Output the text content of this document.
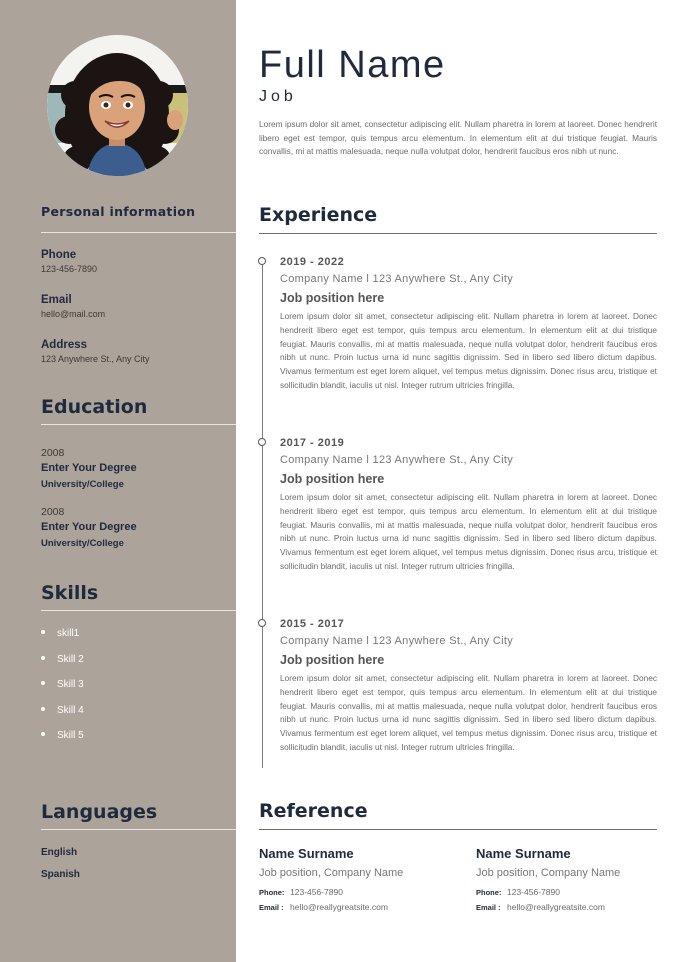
Personal information
Phone
123-456-7890
Email
hello@mail.com
Address
123 Anywhere St., Any City
Education
2008
Enter Your Degree
University/College
2008
Enter Your Degree
University/College
Skills
skill1
Skill 2
Skill 3
Skill 4
Skill 5
Languages
English
Spanish
Full Name
Job
Lorem ipsum dolor sit amet, consectetur adipiscing elit. Nullam pharetra in lorem at laoreet. Donec hendrerit libero eget est tempor, quis tempus arcu elementum. In elementum elit at dui tristique feugiat. Mauris convallis, mi at mattis malesuada, neque nulla volutpat dolor, hendrerit faucibus eros nibh ut nunc.
Experience
2019 - 2022
Company Name l 123 Anywhere St., Any City
Job position here
Lorem ipsum dolor sit amet, consectetur adipiscing elit. Nullam pharetra in lorem at laoreet. Donec hendrerit libero eget est tempor, quis tempus arcu elementum. In elementum elit at dui tristique feugiat. Mauris convallis, mi at mattis malesuada, neque nulla volutpat dolor, hendrerit faucibus eros nibh ut nunc. Proin luctus urna id nunc sagittis dignissim. Sed in libero sed libero dictum dapibus. Vivamus fermentum est eget lorem aliquet, vel tempus metus dignissim. Donec risus arcu, tristique et sollicitudin blandit, iaculis ut nisl. Integer rutrum ultricies fringilla.
2017 - 2019
Company Name l 123 Anywhere St., Any City
Job position here
Lorem ipsum dolor sit amet, consectetur adipiscing elit. Nullam pharetra in lorem at laoreet. Donec hendrerit libero eget est tempor, quis tempus arcu elementum. In elementum elit at dui tristique feugiat. Mauris convallis, mi at mattis malesuada, neque nulla volutpat dolor, hendrerit faucibus eros nibh ut nunc. Proin luctus urna id nunc sagittis dignissim. Sed in libero sed libero dictum dapibus. Vivamus fermentum est eget lorem aliquet, vel tempus metus dignissim. Donec risus arcu, tristique et sollicitudin blandit, iaculis ut nisl. Integer rutrum ultricies fringilla.
2015 - 2017
Company Name l 123 Anywhere St., Any City
Job position here
Lorem ipsum dolor sit amet, consectetur adipiscing elit. Nullam pharetra in lorem at laoreet. Donec hendrerit libero eget est tempor, quis tempus arcu elementum. In elementum elit at dui tristique feugiat. Mauris convallis, mi at mattis malesuada, neque nulla volutpat dolor, hendrerit faucibus eros nibh ut nunc. Proin luctus urna id nunc sagittis dignissim. Sed in libero sed libero dictum dapibus. Vivamus fermentum est eget lorem aliquet, vel tempus metus dignissim. Donec risus arcu, tristique et sollicitudin blandit, iaculis ut nisl. Integer rutrum ultricies fringilla.
Reference
Name Surname
Job position, Company Name
Phone: 123-456-7890
Email : hello@reallygreatsite.com
Name Surname
Job position, Company Name
Phone: 123-456-7890
Email : hello@reallygreatsite.com
